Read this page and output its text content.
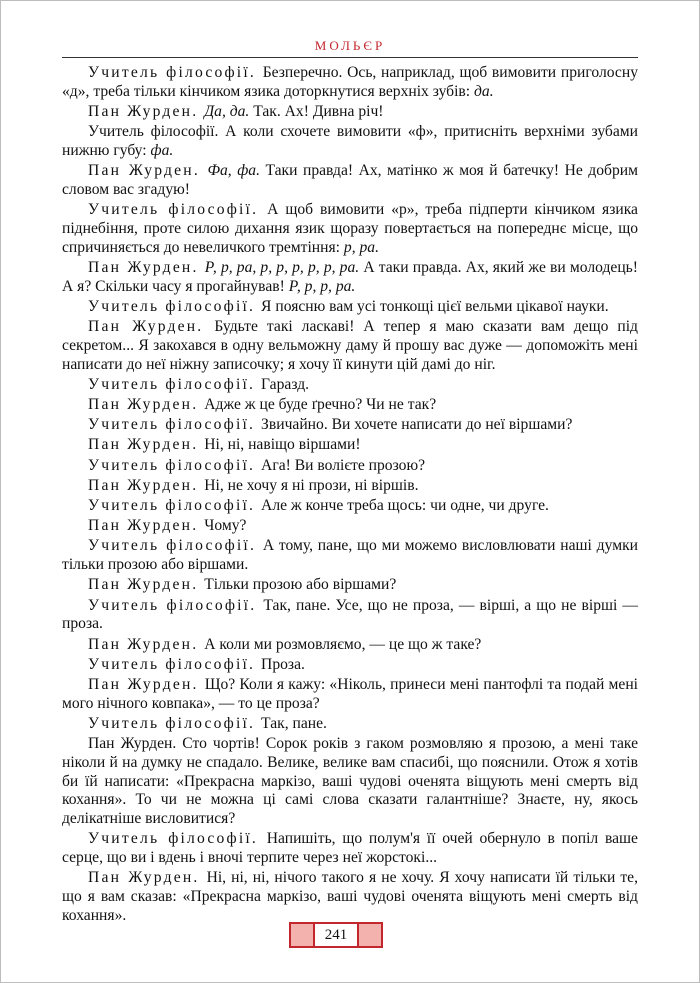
МОЛЬЄР

Учитель філософії. Безперечно. Ось, наприклад, щоб вимовити приголосну «д», треба тільки кінчиком язика доторкнутися верхніх зубів: да.

Пан Журден. Да, да. Так. Ах! Дивна річ!

Учитель філософії. А коли схочете вимовити «ф», притисніть верхніми зубами нижню губу: фа.

Пан Журден. Фа, фа. Таки правда! Ах, матінко ж моя й батечку! Не добрим словом вас згадую!

Учитель філософії. А щоб вимовити «р», треба підперти кінчиком язика піднебіння, проте силою дихання язик щоразу повертається на попереднє місце, що спричиняється до невеличкого тремтіння: р, ра.

Пан Журден. Р, р, ра, р, р, р, р, р, ра. А таки правда. Ах, який же ви молодець! А я? Скільки часу я прогайнував! Р, р, р, ра.

Учитель філософії. Я поясню вам усі тонкощі цієї вельми цікавої науки.

Пан Журден. Будьте такі ласкаві! А тепер я маю сказати вам дещо під секретом... Я закохався в одну вельможну даму й прошу вас дуже — допоможіть мені написати до неї ніжну записочку; я хочу її кинути цій дамі до ніг.

Учитель філософії. Гаразд.

Пан Журден. Адже ж це буде ґречно? Чи не так?

Учитель філософії. Звичайно. Ви хочете написати до неї віршами?

Пан Журден. Ні, ні, навіщо віршами!

Учитель філософії. Ага! Ви волієте прозою?

Пан Журден. Ні, не хочу я ні прози, ні віршів.

Учитель філософії. Але ж конче треба щось: чи одне, чи друге.

Пан Журден. Чому?

Учитель філософії. А тому, пане, що ми можемо висловлювати наші думки тільки прозою або віршами.

Пан Журден. Тільки прозою або віршами?

Учитель філософії. Так, пане. Усе, що не проза, — вірші, а що не вірші — проза.

Пан Журден. А коли ми розмовляємо, — це що ж таке?

Учитель філософії. Проза.

Пан Журден. Що? Коли я кажу: «Ніколь, принеси мені пантофлі та подай мені мого нічного ковпака», — то це проза?

Учитель філософії. Так, пане.

Пан Журден. Сто чортів! Сорок років з гаком розмовляю я прозою, а мені таке ніколи й на думку не спадало. Велике, велике вам спасибі, що пояснили. Отож я хотів би їй написати: «Прекрасна маркізо, ваші чудові оченята віщують мені смерть від кохання». То чи не можна ці самі слова сказати галантніше? Знаєте, ну, якось делікатніше висловитися?

Учитель філософії. Напишіть, що полум'я її очей обернуло в попіл ваше серце, що ви і вдень і вночі терпите через неї жорстокі...

Пан Журден. Ні, ні, ні, нічого такого я не хочу. Я хочу написати їй тільки те, що я вам сказав: «Прекрасна маркізо, ваші чудові оченята віщують мені смерть від кохання».

241
